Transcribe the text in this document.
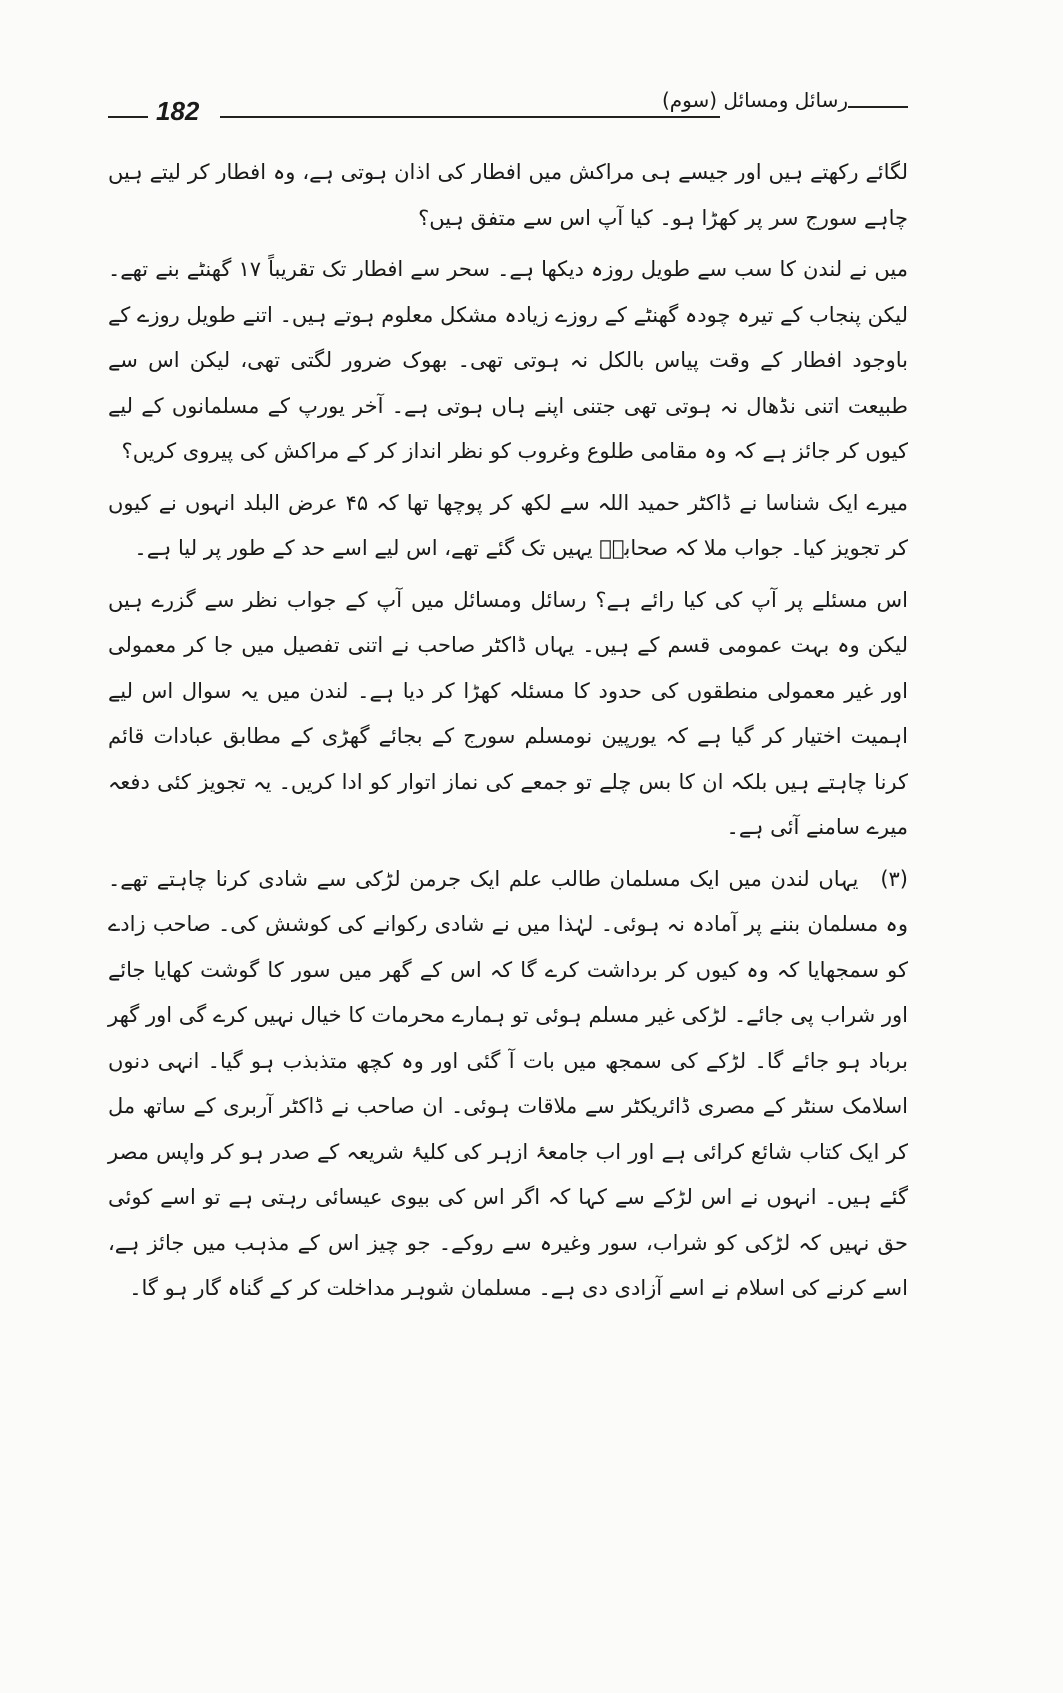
182	رسائل ومسائل (سوم)

لگائے رکھتے ہیں اور جیسے ہی مراکش میں افطار کی اذان ہوتی ہے، وہ افطار کر لیتے ہیں چاہے سورج سر پر کھڑا ہو۔ کیا آپ اس سے متفق ہیں؟

میں نے لندن کا سب سے طویل روزہ دیکھا ہے۔ سحر سے افطار تک تقریباً ۱۷ گھنٹے بنے تھے۔ لیکن پنجاب کے تیرہ چودہ گھنٹے کے روزے زیادہ مشکل معلوم ہوتے ہیں۔ اتنے طویل روزے کے باوجود افطار کے وقت پیاس بالکل نہ ہوتی تھی۔ بھوک ضرور لگتی تھی، لیکن اس سے طبیعت اتنی نڈھال نہ ہوتی تھی جتنی اپنے ہاں ہوتی ہے۔ آخر یورپ کے مسلمانوں کے لیے کیوں کر جائز ہے کہ وہ مقامی طلوع وغروب کو نظر انداز کر کے مراکش کی پیروی کریں؟

میرے ایک شناسا نے ڈاکٹر حمید اللہ سے لکھ کر پوچھا تھا کہ ۴۵ عرض البلد انہوں نے کیوں کر تجویز کیا۔ جواب ملا کہ صحابہؓ یہیں تک گئے تھے، اس لیے اسے حد کے طور پر لیا ہے۔

اس مسئلے پر آپ کی کیا رائے ہے؟ رسائل ومسائل میں آپ کے جواب نظر سے گزرے ہیں لیکن وہ بہت عمومی قسم کے ہیں۔ یہاں ڈاکٹر صاحب نے اتنی تفصیل میں جا کر معمولی اور غیر معمولی منطقوں کی حدود کا مسئلہ کھڑا کر دیا ہے۔ لندن میں یہ سوال اس لیے اہمیت اختیار کر گیا ہے کہ یورپین نومسلم سورج کے بجائے گھڑی کے مطابق عبادات قائم کرنا چاہتے ہیں بلکہ ان کا بس چلے تو جمعے کی نماز اتوار کو ادا کریں۔ یہ تجویز کئی دفعہ میرے سامنے آئی ہے۔

(۳)یہاں لندن میں ایک مسلمان طالب علم ایک جرمن لڑکی سے شادی کرنا چاہتے تھے۔ وہ مسلمان بننے پر آمادہ نہ ہوئی۔ لہٰذا میں نے شادی رکوانے کی کوشش کی۔ صاحب زادے کو سمجھایا کہ وہ کیوں کر برداشت کرے گا کہ اس کے گھر میں سور کا گوشت کھایا جائے اور شراب پی جائے۔ لڑکی غیر مسلم ہوئی تو ہمارے محرمات کا خیال نہیں کرے گی اور گھر برباد ہو جائے گا۔ لڑکے کی سمجھ میں بات آ گئی اور وہ کچھ متذبذب ہو گیا۔ انہی دنوں اسلامک سنٹر کے مصری ڈائریکٹر سے ملاقات ہوئی۔ ان صاحب نے ڈاکٹر آربری کے ساتھ مل کر ایک کتاب شائع کرائی ہے اور اب جامعۂ ازہر کی کلیۂ شریعہ کے صدر ہو کر واپس مصر گئے ہیں۔ انہوں نے اس لڑکے سے کہا کہ اگر اس کی بیوی عیسائی رہتی ہے تو اسے کوئی حق نہیں کہ لڑکی کو شراب، سور وغیرہ سے روکے۔ جو چیز اس کے مذہب میں جائز ہے، اسے کرنے کی اسلام نے اسے آزادی دی ہے۔ مسلمان شوہر مداخلت کر کے گناہ گار ہو گا۔
